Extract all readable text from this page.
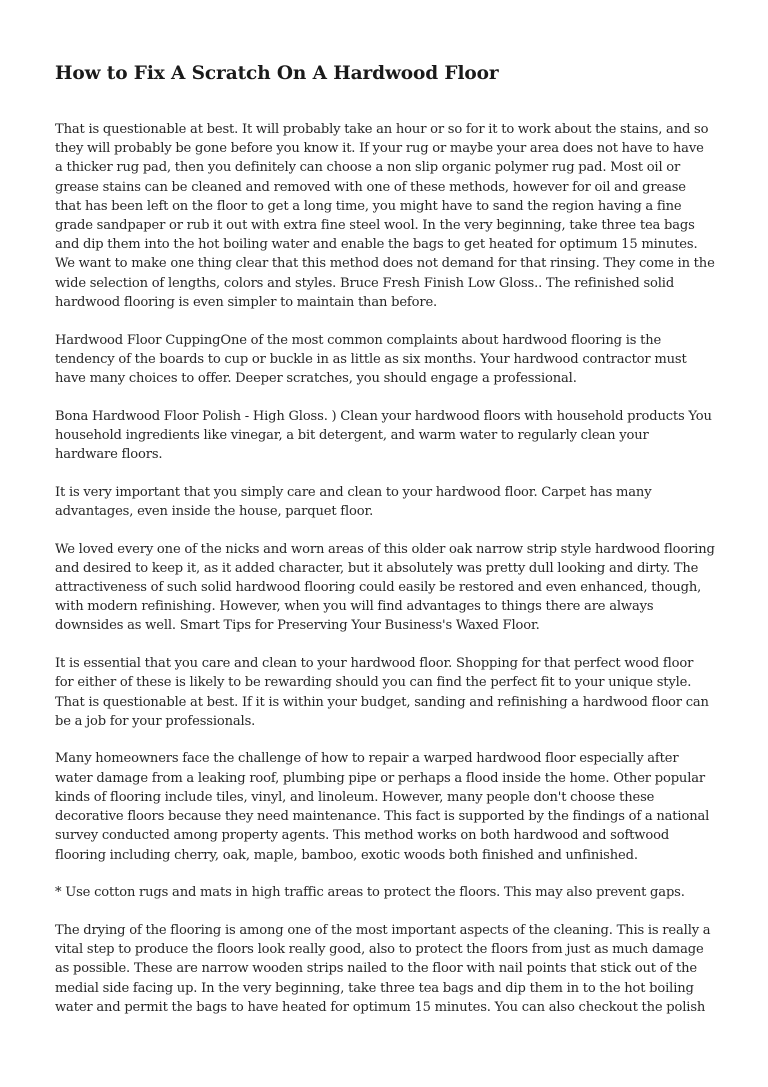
How to Fix A Scratch On A Hardwood Floor

That is questionable at best. It will probably take an hour or so for it to work about the stains, and so they will probably be gone before you know it. If your rug or maybe your area does not have to have a thicker rug pad, then you definitely can choose a non slip organic polymer rug pad. Most oil or grease stains can be cleaned and removed with one of these methods, however for oil and grease that has been left on the floor to get a long time, you might have to sand the region having a fine grade sandpaper or rub it out with extra fine steel wool. In the very beginning, take three tea bags and dip them into the hot boiling water and enable the bags to get heated for optimum 15 minutes. We want to make one thing clear that this method does not demand for that rinsing. They come in the wide selection of lengths, colors and styles. Bruce Fresh Finish Low Gloss.. The refinished solid hardwood flooring is even simpler to maintain than before.

Hardwood Floor CuppingOne of the most common complaints about hardwood flooring is the tendency of the boards to cup or buckle in as little as six months. Your hardwood contractor must have many choices to offer. Deeper scratches, you should engage a professional.

Bona Hardwood Floor Polish - High Gloss. ) Clean your hardwood floors with household products You household ingredients like vinegar, a bit detergent, and warm water to regularly clean your hardware floors.

It is very important that you simply care and clean to your hardwood floor. Carpet has many advantages, even inside the house, parquet floor.

We loved every one of the nicks and worn areas of this older oak narrow strip style hardwood flooring and desired to keep it, as it added character, but it absolutely was pretty dull looking and dirty. The attractiveness of such solid hardwood flooring could easily be restored and even enhanced, though, with modern refinishing. However, when you will find advantages to things there are always downsides as well. Smart Tips for Preserving Your Business's Waxed Floor.

It is essential that you care and clean to your hardwood floor. Shopping for that perfect wood floor for either of these is likely to be rewarding should you can find the perfect fit to your unique style. That is questionable at best. If it is within your budget, sanding and refinishing a hardwood floor can be a job for your professionals.

Many homeowners face the challenge of how to repair a warped hardwood floor especially after water damage from a leaking roof, plumbing pipe or perhaps a flood inside the home. Other popular kinds of flooring include tiles, vinyl, and linoleum. However, many people don't choose these decorative floors because they need maintenance. This fact is supported by the findings of a national survey conducted among property agents. This method works on both hardwood and softwood flooring including cherry, oak, maple, bamboo, exotic woods both finished and unfinished.

* Use cotton rugs and mats in high traffic areas to protect the floors. This may also prevent gaps.

The drying of the flooring is among one of the most important aspects of the cleaning. This is really a vital step to produce the floors look really good, also to protect the floors from just as much damage as possible. These are narrow wooden strips nailed to the floor with nail points that stick out of the medial side facing up. In the very beginning, take three tea bags and dip them in to the hot boiling water and permit the bags to have heated for optimum 15 minutes. You can also checkout the polish
